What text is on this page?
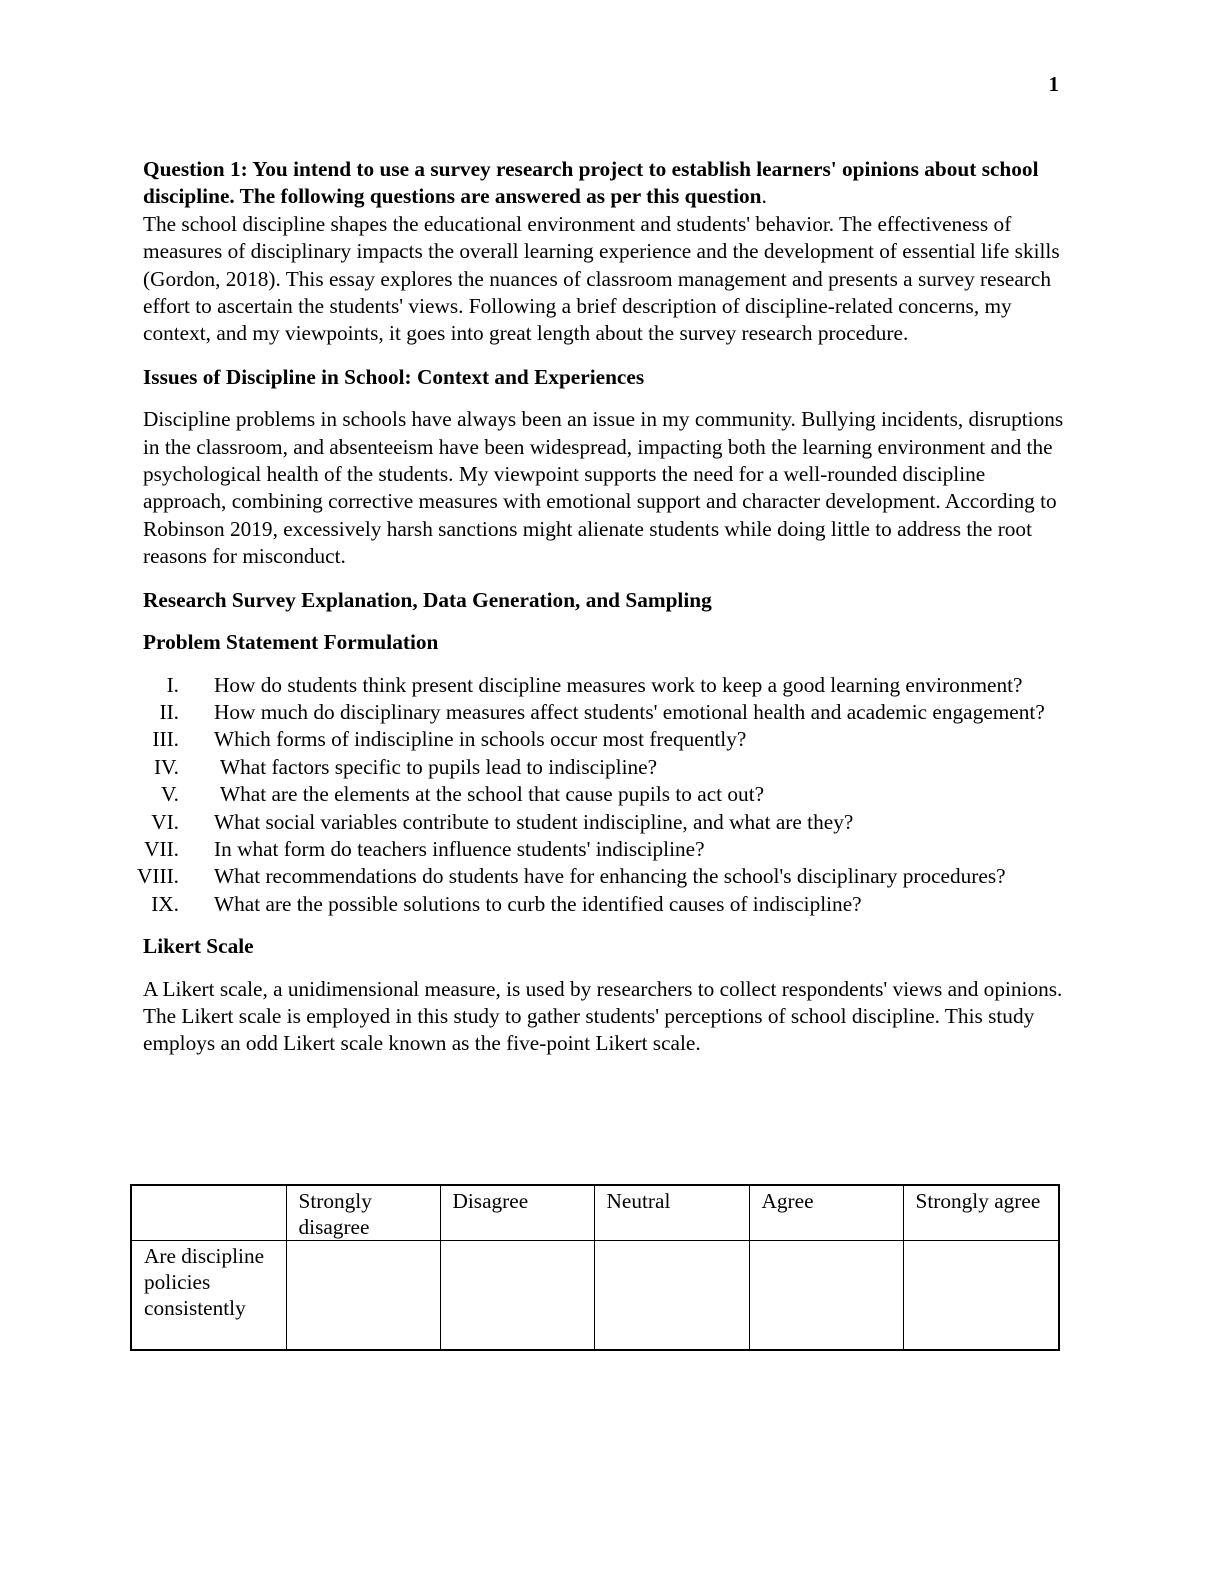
1

Question 1: You intend to use a survey research project to establish learners' opinions about school discipline. The following questions are answered as per this question.
The school discipline shapes the educational environment and students' behavior. The effectiveness of measures of disciplinary impacts the overall learning experience and the development of essential life skills (Gordon, 2018). This essay explores the nuances of classroom management and presents a survey research effort to ascertain the students' views. Following a brief description of discipline-related concerns, my context, and my viewpoints, it goes into great length about the survey research procedure.

Issues of Discipline in School: Context and Experiences

Discipline problems in schools have always been an issue in my community. Bullying incidents, disruptions in the classroom, and absenteeism have been widespread, impacting both the learning environment and the psychological health of the students. My viewpoint supports the need for a well-rounded discipline approach, combining corrective measures with emotional support and character development. According to Robinson 2019, excessively harsh sanctions might alienate students while doing little to address the root reasons for misconduct.

Research Survey Explanation, Data Generation, and Sampling

Problem Statement Formulation

I. How do students think present discipline measures work to keep a good learning environment?
II. How much do disciplinary measures affect students' emotional health and academic engagement?
III. Which forms of indiscipline in schools occur most frequently?
IV. What factors specific to pupils lead to indiscipline?
V. What are the elements at the school that cause pupils to act out?
VI. What social variables contribute to student indiscipline, and what are they?
VII. In what form do teachers influence students' indiscipline?
VIII. What recommendations do students have for enhancing the school's disciplinary procedures?
IX. What are the possible solutions to curb the identified causes of indiscipline?

Likert Scale

A Likert scale, a unidimensional measure, is used by researchers to collect respondents' views and opinions. The Likert scale is employed in this study to gather students' perceptions of school discipline. This study employs an odd Likert scale known as the five-point Likert scale.

	Strongly disagree	Disagree	Neutral	Agree	Strongly agree
Are discipline policies consistently					
